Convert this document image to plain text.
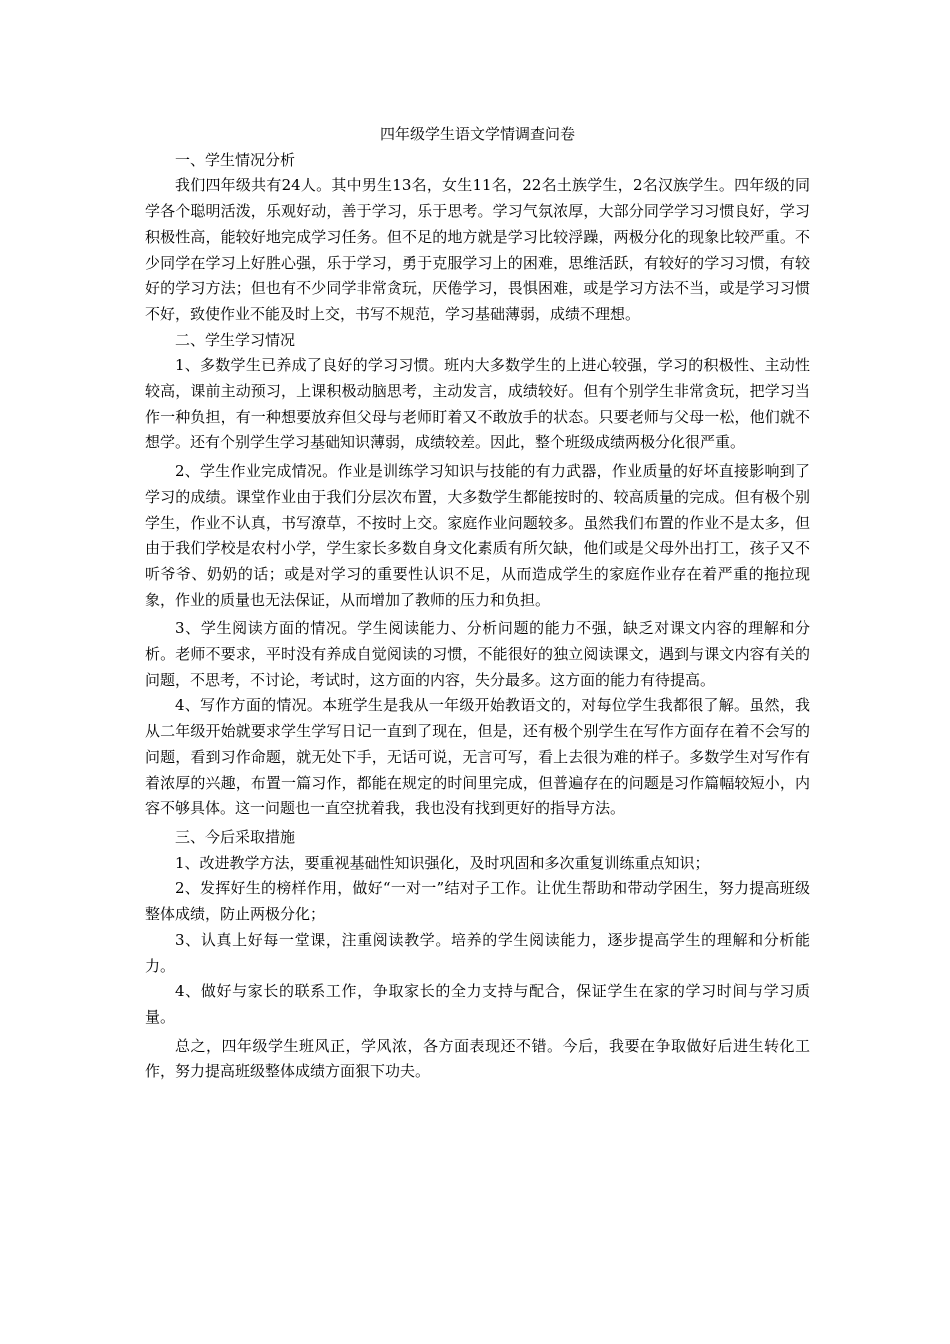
四年级学生语文学情调查问卷

一、学生情况分析

我们四年级共有24人。其中男生13名，女生11名，22名土族学生，2名汉族学生。四年级的同学各个聪明活泼，乐观好动，善于学习，乐于思考。学习气氛浓厚，大部分同学学习习惯良好，学习积极性高，能较好地完成学习任务。但不足的地方就是学习比较浮躁，两极分化的现象比较严重。不少同学在学习上好胜心强，乐于学习，勇于克服学习上的困难，思维活跃，有较好的学习习惯，有较好的学习方法；但也有不少同学非常贪玩，厌倦学习，畏惧困难，或是学习方法不当，或是学习习惯不好，致使作业不能及时上交，书写不规范，学习基础薄弱，成绩不理想。

二、学生学习情况

1、多数学生已养成了良好的学习习惯。班内大多数学生的上进心较强，学习的积极性、主动性较高，课前主动预习，上课积极动脑思考，主动发言，成绩较好。但有个别学生非常贪玩，把学习当作一种负担，有一种想要放弃但父母与老师盯着又不敢放手的状态。只要老师与父母一松，他们就不想学。还有个别学生学习基础知识薄弱，成绩较差。因此，整个班级成绩两极分化很严重。

2、学生作业完成情况。作业是训练学习知识与技能的有力武器，作业质量的好坏直接影响到了学习的成绩。课堂作业由于我们分层次布置，大多数学生都能按时的、较高质量的完成。但有极个别学生，作业不认真，书写潦草，不按时上交。家庭作业问题较多。虽然我们布置的作业不是太多，但由于我们学校是农村小学，学生家长多数自身文化素质有所欠缺，他们或是父母外出打工，孩子又不听爷爷、奶奶的话；或是对学习的重要性认识不足，从而造成学生的家庭作业存在着严重的拖拉现象，作业的质量也无法保证，从而增加了教师的压力和负担。

3、学生阅读方面的情况。学生阅读能力、分析问题的能力不强，缺乏对课文内容的理解和分析。老师不要求，平时没有养成自觉阅读的习惯，不能很好的独立阅读课文，遇到与课文内容有关的问题，不思考，不讨论，考试时，这方面的内容，失分最多。这方面的能力有待提高。

4、写作方面的情况。本班学生是我从一年级开始教语文的，对每位学生我都很了解。虽然，我从二年级开始就要求学生学写日记一直到了现在，但是，还有极个别学生在写作方面存在着不会写的问题，看到习作命题，就无处下手，无话可说，无言可写，看上去很为难的样子。多数学生对写作有着浓厚的兴趣，布置一篇习作，都能在规定的时间里完成，但普遍存在的问题是习作篇幅较短小，内容不够具体。这一问题也一直空扰着我，我也没有找到更好的指导方法。

三、今后采取措施

1、改进教学方法，要重视基础性知识强化，及时巩固和多次重复训练重点知识；

2、发挥好生的榜样作用，做好“一对一”结对子工作。让优生帮助和带动学困生，努力提高班级整体成绩，防止两极分化；

3、认真上好每一堂课，注重阅读教学。培养的学生阅读能力，逐步提高学生的理解和分析能力。

4、做好与家长的联系工作，争取家长的全力支持与配合，保证学生在家的学习时间与学习质量。

总之，四年级学生班风正，学风浓，各方面表现还不错。今后，我要在争取做好后进生转化工作，努力提高班级整体成绩方面狠下功夫。
